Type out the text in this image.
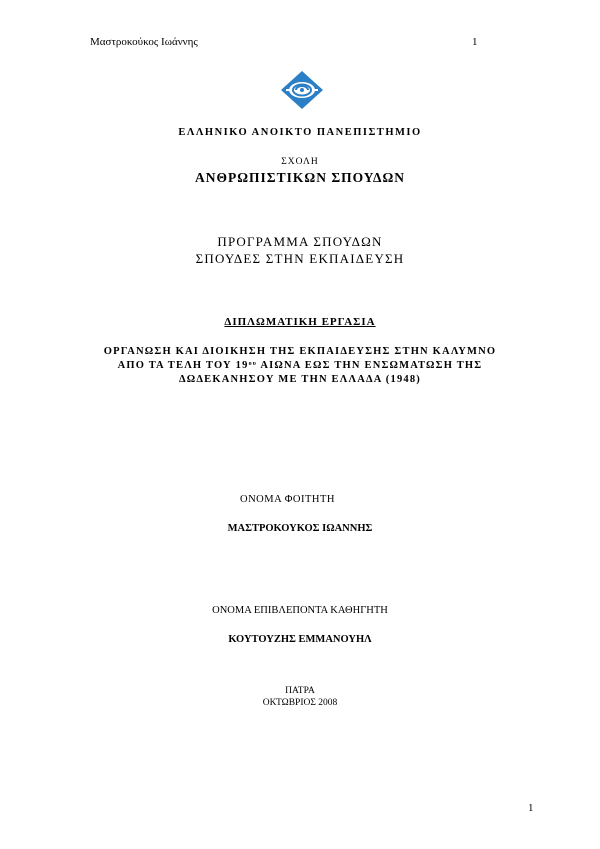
Μαστροκούκος Ιωάννης	1
ΕΛΛΗΝΙΚΟ ΑΝΟΙΚΤΟ ΠΑΝΕΠΙΣΤΗΜΙΟ
ΣΧΟΛΗ
ΑΝΘΡΩΠΙΣΤΙΚΩΝ ΣΠΟΥΔΩΝ
ΠΡΟΓΡΑΜΜΑ ΣΠΟΥΔΩΝ
ΣΠΟΥΔΕΣ ΣΤΗΝ ΕΚΠΑΙΔΕΥΣΗ
ΔΙΠΛΩΜΑΤΙΚΗ ΕΡΓΑΣΙΑ
ΟΡΓΑΝΩΣΗ ΚΑΙ ΔΙΟΙΚΗΣΗ ΤΗΣ ΕΚΠΑΙΔΕΥΣΗΣ ΣΤΗΝ ΚΑΛΥΜΝΟ
ΑΠΟ ΤΑ ΤΕΛΗ ΤΟΥ $19^{o\upsilon}$ ΑΙΩΝΑ ΕΩΣ ΤΗΝ ΕΝΣΩΜΑΤΩΣΗ ΤΗΣ
ΔΩΔΕΚΑΝΗΣΟΥ ΜΕ ΤΗΝ ΕΛΛΑΔΑ (1948)
ΟΝΟΜΑ ΦΟΙΤΗΤΗ
ΜΑΣΤΡΟΚΟΥΚΟΣ ΙΩΑΝΝΗΣ
ΟΝΟΜΑ ΕΠΙΒΛΕΠΟΝΤΑ ΚΑΘΗΓΗΤΗ
ΚΟΥΤΟΥΖΗΣ ΕΜΜΑΝΟΥΗΛ
ΠΑΤΡΑ
ΟΚΤΩΒΡΙΟΣ 2008
1
